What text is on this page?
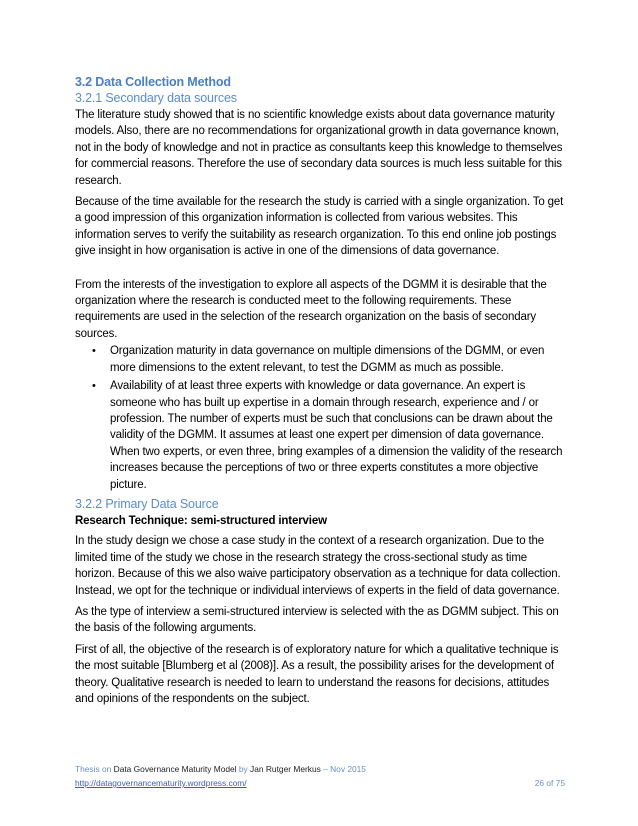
3.2 Data Collection Method
3.2.1 Secondary data sources

The literature study showed that is no scientific knowledge exists about data governance maturity models. Also, there are no recommendations for organizational growth in data governance known, not in the body of knowledge and not in practice as consultants keep this knowledge to themselves for commercial reasons. Therefore the use of secondary data sources is much less suitable for this research.

Because of the time available for the research the study is carried with a single organization. To get a good impression of this organization information is collected from various websites. This information serves to verify the suitability as research organization. To this end online job postings give insight in how organisation is active in one of the dimensions of data governance.

From the interests of the investigation to explore all aspects of the DGMM it is desirable that the organization where the research is conducted meet to the following requirements. These requirements are used in the selection of the research organization on the basis of secondary sources.

• Organization maturity in data governance on multiple dimensions of the DGMM, or even more dimensions to the extent relevant, to test the DGMM as much as possible.
• Availability of at least three experts with knowledge or data governance. An expert is someone who has built up expertise in a domain through research, experience and / or profession. The number of experts must be such that conclusions can be drawn about the validity of the DGMM. It assumes at least one expert per dimension of data governance. When two experts, or even three, bring examples of a dimension the validity of the research increases because the perceptions of two or three experts constitutes a more objective picture.
3.2.2 Primary Data Source

Research Technique: semi-structured interview

In the study design we chose a case study in the context of a research organization. Due to the limited time of the study we chose in the research strategy the cross-sectional study as time horizon. Because of this we also waive participatory observation as a technique for data collection. Instead, we opt for the technique or individual interviews of experts in the field of data governance.

As the type of interview a semi-structured interview is selected with the as DGMM subject. This on the basis of the following arguments.

First of all, the objective of the research is of exploratory nature for which a qualitative technique is the most suitable [Blumberg et al (2008)]. As a result, the possibility arises for the development of theory. Qualitative research is needed to learn to understand the reasons for decisions, attitudes and opinions of the respondents on the subject.

Thesis on Data Governance Maturity Model by Jan Rutger Merkus – Nov 2015
http://datagovernancematurity.wordpress.com/	26 of 75
